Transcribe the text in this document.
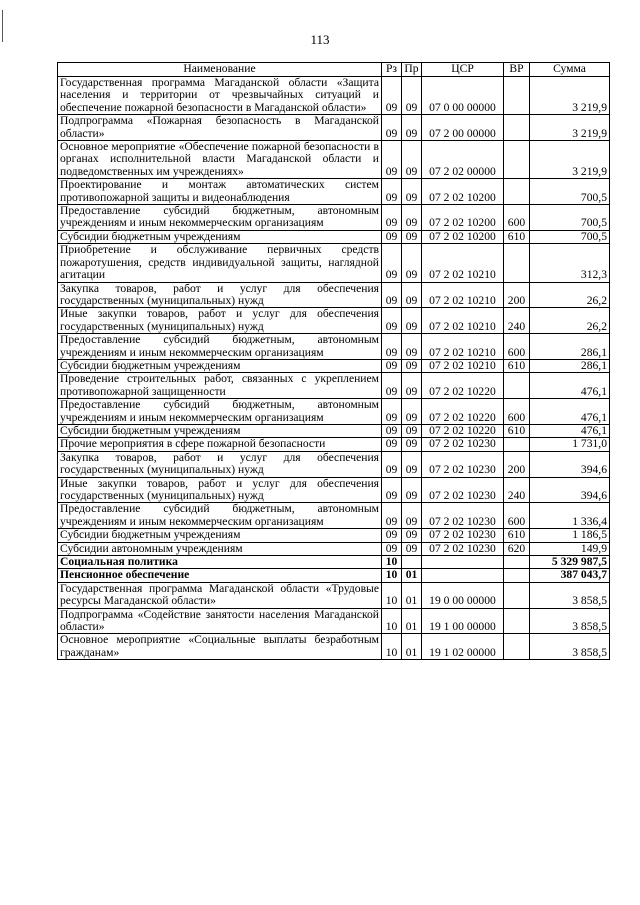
113
Наименование	Рз	Пр	ЦСР	ВР	Сумма
Государственная программа Магаданской области «Защита населения и территории от чрезвычайных ситуаций и обеспечение пожарной безопасности в Магаданской области»	09	09	07 0 00 00000		3 219,9
Подпрограмма «Пожарная безопасность в Магаданской области»	09	09	07 2 00 00000		3 219,9
Основное мероприятие «Обеспечение пожарной безопасности в органах исполнительной власти Магаданской области и подведомственных им учреждениях»	09	09	07 2 02 00000		3 219,9
Проектирование и монтаж автоматических систем противопожарной защиты и видеонаблюдения	09	09	07 2 02 10200		700,5
Предоставление субсидий бюджетным, автономным учреждениям и иным некоммерческим организациям	09	09	07 2 02 10200	600	700,5
Субсидии бюджетным учреждениям	09	09	07 2 02 10200	610	700,5
Приобретение и обслуживание первичных средств пожаротушения, средств индивидуальной защиты, наглядной агитации	09	09	07 2 02 10210		312,3
Закупка товаров, работ и услуг для обеспечения государственных (муниципальных) нужд	09	09	07 2 02 10210	200	26,2
Иные закупки товаров, работ и услуг для обеспечения государственных (муниципальных) нужд	09	09	07 2 02 10210	240	26,2
Предоставление субсидий бюджетным, автономным учреждениям и иным некоммерческим организациям	09	09	07 2 02 10210	600	286,1
Субсидии бюджетным учреждениям	09	09	07 2 02 10210	610	286,1
Проведение строительных работ, связанных с укреплением противопожарной защищенности	09	09	07 2 02 10220		476,1
Предоставление субсидий бюджетным, автономным учреждениям и иным некоммерческим организациям	09	09	07 2 02 10220	600	476,1
Субсидии бюджетным учреждениям	09	09	07 2 02 10220	610	476,1
Прочие мероприятия в сфере пожарной безопасности	09	09	07 2 02 10230		1 731,0
Закупка товаров, работ и услуг для обеспечения государственных (муниципальных) нужд	09	09	07 2 02 10230	200	394,6
Иные закупки товаров, работ и услуг для обеспечения государственных (муниципальных) нужд	09	09	07 2 02 10230	240	394,6
Предоставление субсидий бюджетным, автономным учреждениям и иным некоммерческим организациям	09	09	07 2 02 10230	600	1 336,4
Субсидии бюджетным учреждениям	09	09	07 2 02 10230	610	1 186,5
Субсидии автономным учреждениям	09	09	07 2 02 10230	620	149,9
Социальная политика	10				5 329 987,5
Пенсионное обеспечение	10	01			387 043,7
Государственная программа Магаданской области «Трудовые ресурсы Магаданской области»	10	01	19 0 00 00000		3 858,5
Подпрограмма «Содействие занятости населения Магаданской области»	10	01	19 1 00 00000		3 858,5
Основное мероприятие «Социальные выплаты безработным гражданам»	10	01	19 1 02 00000		3 858,5
